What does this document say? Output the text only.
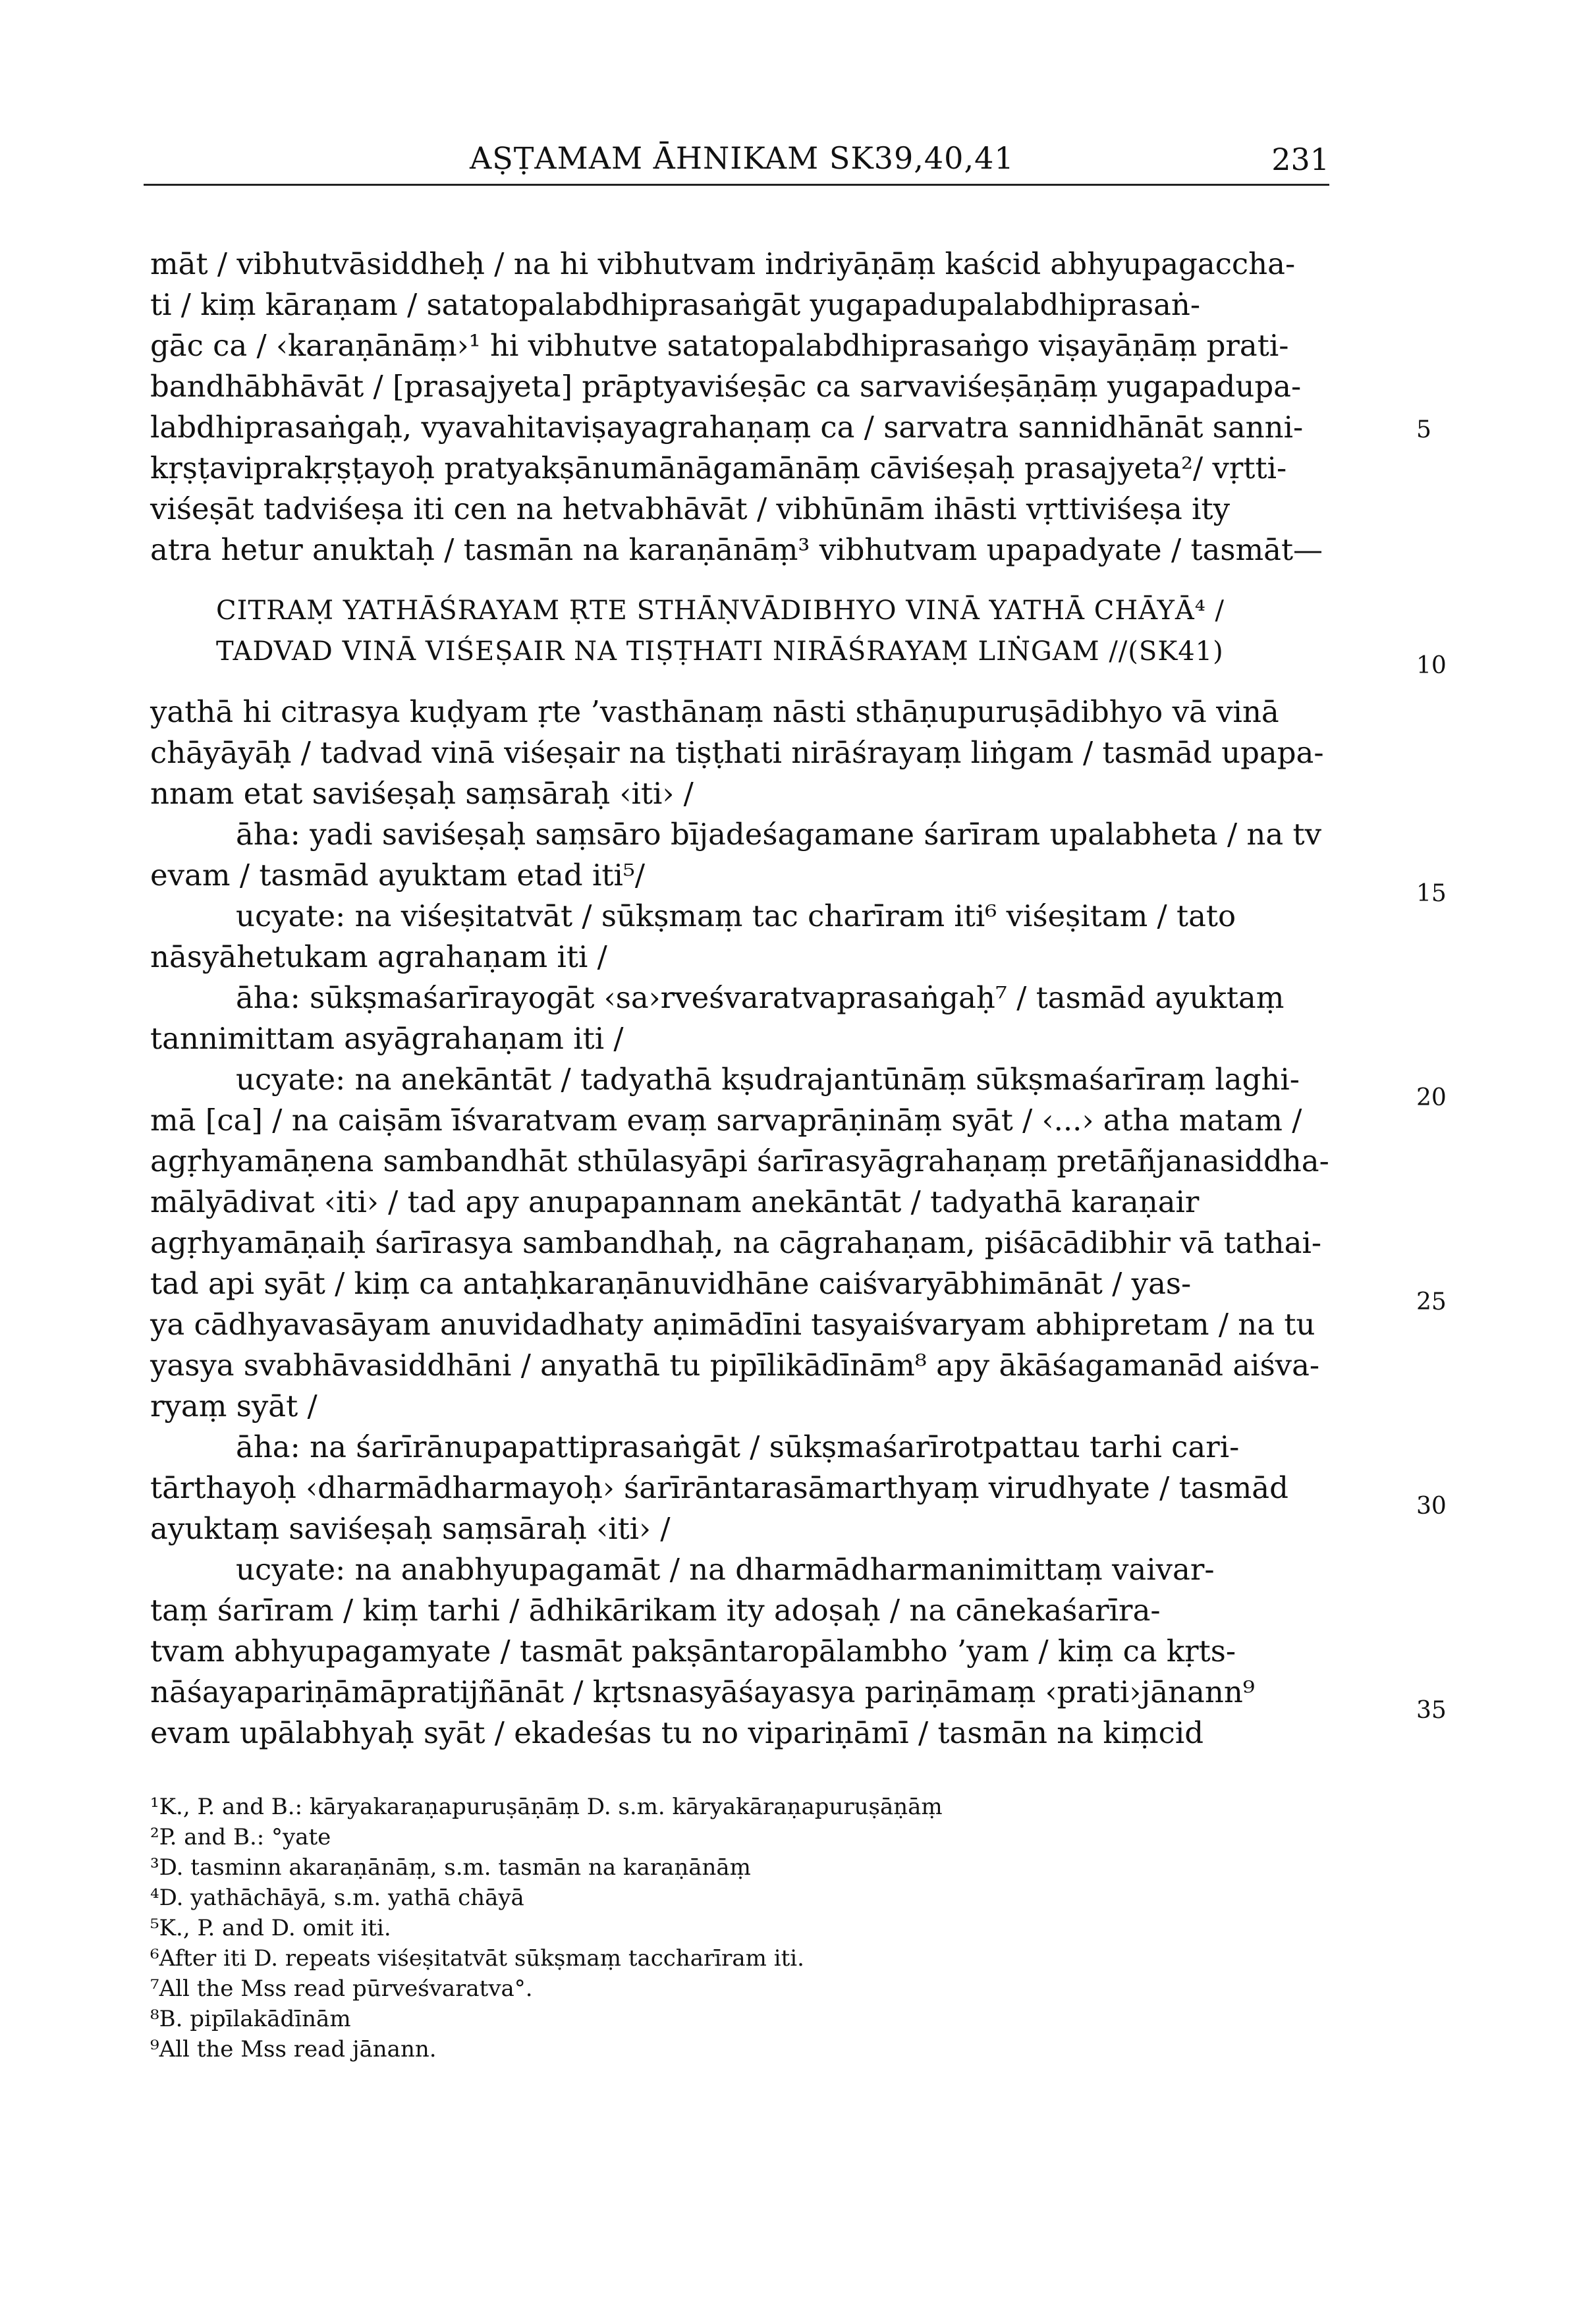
AṢṬAMAM ĀHNIKAM SK39,40,41	231
māt / vibhutvāsiddheḥ / na hi vibhutvam indriyāṇāṃ kaścid abhyupagaccha-
ti / kiṃ kāraṇam / satatopalabdhiprasaṅgāt yugapadupalabdhiprasaṅ-
gāc ca / ‹karaṇānāṃ›¹ hi vibhutve satatopalabdhiprasaṅgo viṣayāṇāṃ prati-
bandhābhāvāt / [prasajyeta] prāptyaviśeṣāc ca sarvaviśeṣāṇāṃ yugapadupa-
labdhiprasaṅgaḥ, vyavahitaviṣayagrahaṇaṃ ca / sarvatra sannidhānāt sanni-
kṛṣṭaviprakṛṣṭayoḥ pratyakṣānumānāgamānāṃ cāviśeṣaḥ prasajyeta²/ vṛtti-
viśeṣāt tadviśeṣa iti cen na hetvabhāvāt / vibhūnām ihāsti vṛttiviśeṣa ity
atra hetur anuktaḥ / tasmān na karaṇānāṃ³ vibhutvam upapadyate / tasmāt—
CITRAṂ YATHĀŚRAYAM ṚTE STHĀṆVĀDIBHYO VINĀ YATHĀ CHĀYĀ⁴ /
TADVAD VINĀ VIŚEṢAIR NA TIṢṬHATI NIRĀŚRAYAṂ LIṄGAM //(SK41)
yathā hi citrasya kuḍyam ṛte ’vasthānaṃ nāsti sthāṇupuruṣādibhyo vā vinā
chāyāyāḥ / tadvad vinā viśeṣair na tiṣṭhati nirāśrayaṃ liṅgam / tasmād upapa-
nnam etat saviśeṣaḥ saṃsāraḥ ‹iti› /
āha: yadi saviśeṣaḥ saṃsāro bījadeśagamane śarīram upalabheta / na tv
evam / tasmād ayuktam etad iti⁵/
ucyate: na viśeṣitatvāt / sūkṣmaṃ tac charīram iti⁶ viśeṣitam / tato
nāsyāhetukam agrahaṇam iti /
āha: sūkṣmaśarīrayogāt ‹sa›rveśvaratvaprasaṅgaḥ⁷ / tasmād ayuktaṃ
tannimittam asyāgrahaṇam iti /
ucyate: na anekāntāt / tadyathā kṣudrajantūnāṃ sūkṣmaśarīraṃ laghi-
mā [ca] / na caiṣām īśvaratvam evaṃ sarvaprāṇināṃ syāt / ‹...› atha matam /
agṛhyamāṇena sambandhāt sthūlasyāpi śarīrasyāgrahaṇaṃ pretāñjanasiddha-
mālyādivat ‹iti› / tad apy anupapannam anekāntāt / tadyathā karaṇair
agṛhyamāṇaiḥ śarīrasya sambandhaḥ, na cāgrahaṇam, piśācādibhir vā tathai-
tad api syāt / kiṃ ca antaḥkaraṇānuvidhāne caiśvaryābhimānāt / yas-
ya cādhyavasāyam anuvidadhaty aṇimādīni tasyaiśvaryam abhipretam / na tu
yasya svabhāvasiddhāni / anyathā tu pipīlikādīnām⁸ apy ākāśagamanād aiśva-
ryaṃ syāt /
āha: na śarīrānupapattiprasaṅgāt / sūkṣmaśarīrotpattau tarhi cari-
tārthayoḥ ‹dharmādharmayoḥ› śarīrāntarasāmarthyaṃ virudhyate / tasmād
ayuktaṃ saviśeṣaḥ saṃsāraḥ ‹iti› /
ucyate: na anabhyupagamāt / na dharmādharmanimittaṃ vaivar-
taṃ śarīram / kiṃ tarhi / ādhikārikam ity adoṣaḥ / na cānekaśarīra-
tvam abhyupagamyate / tasmāt pakṣāntaropālambho ’yam / kiṃ ca kṛts-
nāśayapariṇāmāpratijñānāt / kṛtsnasyāśayasya pariṇāmaṃ ‹prati›jānann⁹
evam upālabhyaḥ syāt / ekadeśas tu no vipariṇāmī / tasmān na kiṃcid
5
10
15
20
25
30
35
¹K., P. and B.: kāryakaraṇapuruṣāṇāṃ D. s.m. kāryakāraṇapuruṣāṇāṃ
²P. and B.: °yate
³D. tasminn akaraṇānāṃ, s.m. tasmān na karaṇānāṃ
⁴D. yathāchāyā, s.m. yathā chāyā
⁵K., P. and D. omit iti.
⁶After iti D. repeats viśeṣitatvāt sūkṣmaṃ taccharīram iti.
⁷All the Mss read pūrveśvaratva°.
⁸B. pipīlakādīnām
⁹All the Mss read jānann.
